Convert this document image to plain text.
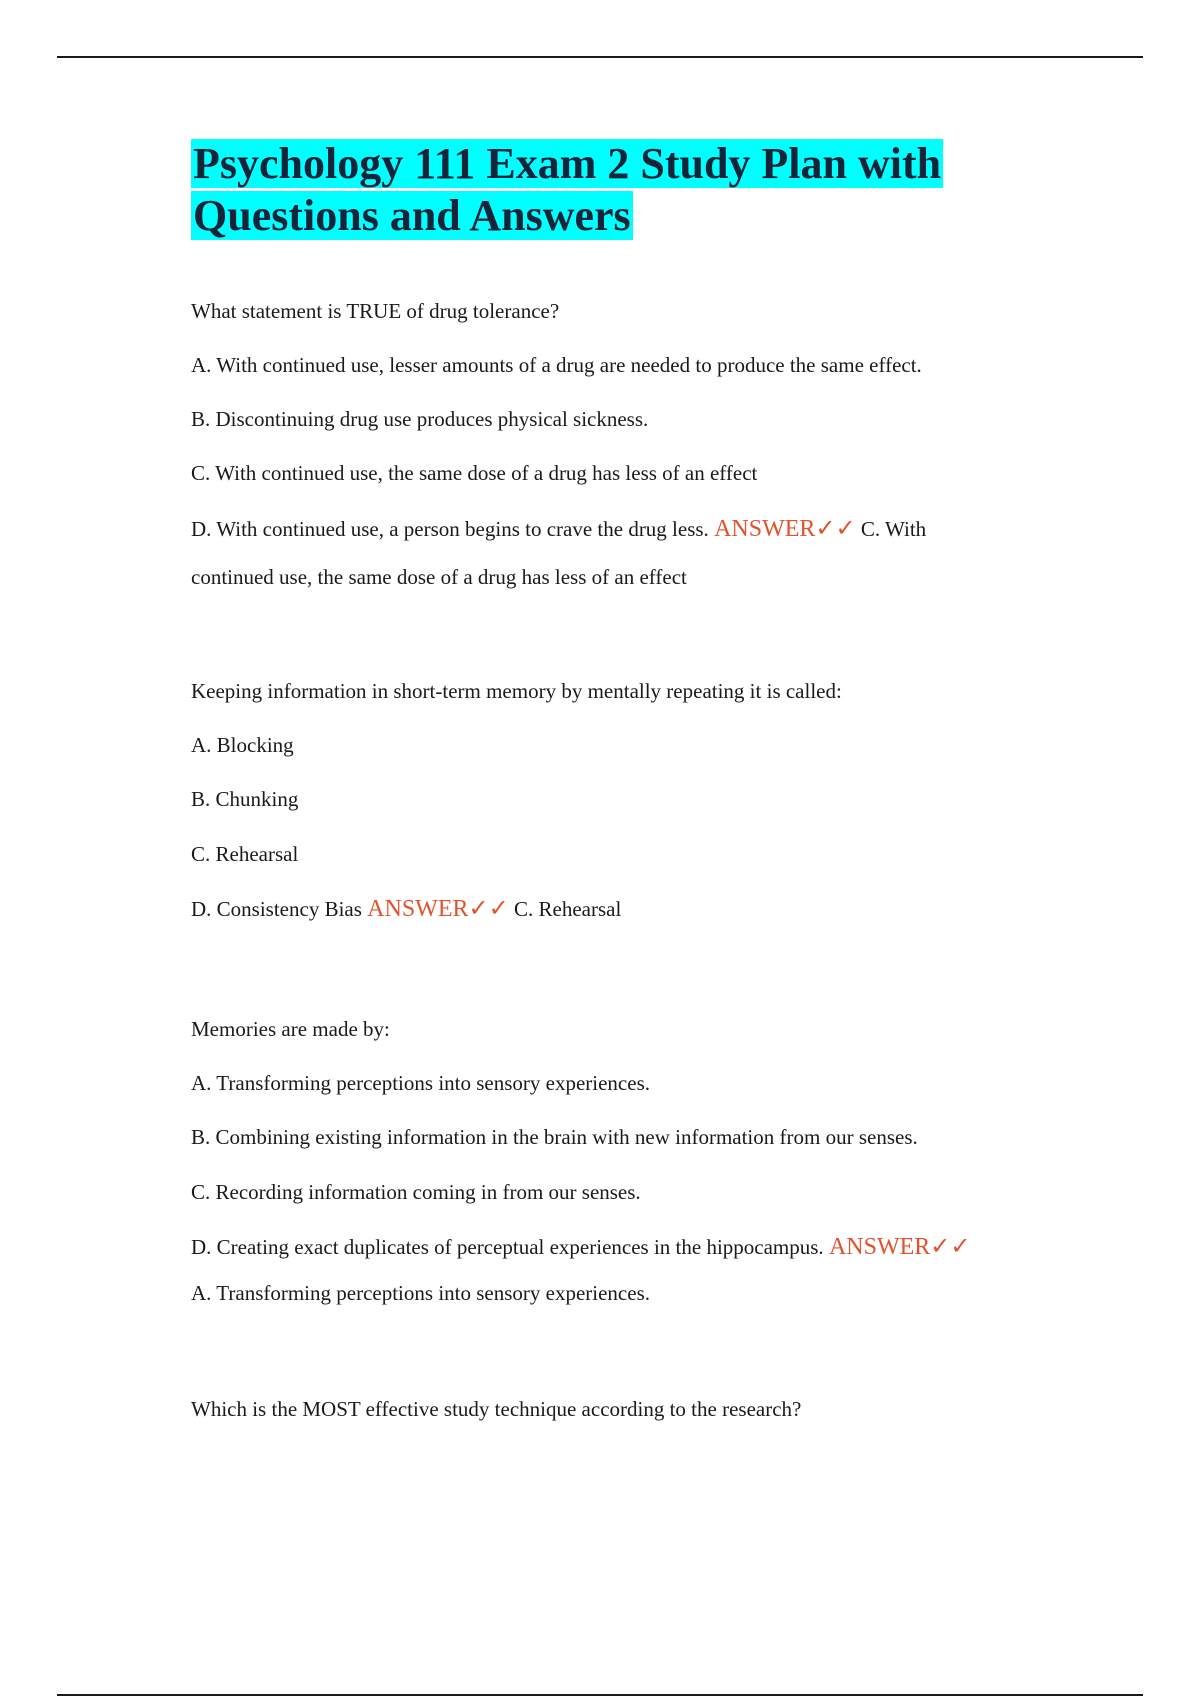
Psychology 111 Exam 2 Study Plan with
Questions and Answers
What statement is TRUE of drug tolerance?
A. With continued use, lesser amounts of a drug are needed to produce the same effect.
B. Discontinuing drug use produces physical sickness.
C. With continued use, the same dose of a drug has less of an effect
D. With continued use, a person begins to crave the drug less. ANSWER✓✓ C. With
continued use, the same dose of a drug has less of an effect
Keeping information in short-term memory by mentally repeating it is called:
A. Blocking
B. Chunking
C. Rehearsal
D. Consistency Bias ANSWER✓✓ C. Rehearsal
Memories are made by:
A. Transforming perceptions into sensory experiences.
B. Combining existing information in the brain with new information from our senses.
C. Recording information coming in from our senses.
D. Creating exact duplicates of perceptual experiences in the hippocampus. ANSWER✓✓
A. Transforming perceptions into sensory experiences.
Which is the MOST effective study technique according to the research?
